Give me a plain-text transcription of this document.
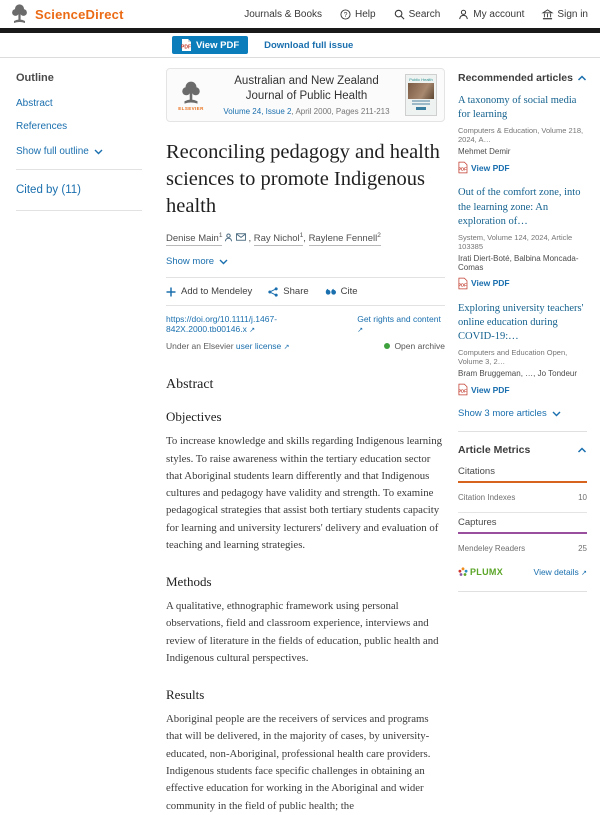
ScienceDirect	Journals & Books	? Help	Search	My account	Sign in
PDF View PDF	Download full issue
Outline
Abstract
References
Show full outline
Cited by (11)
ELSEVIER
Australian and New Zealand Journal of Public Health
Volume 24, Issue 2, April 2000, Pages 211-213
Public Health
Reconciling pedagogy and health sciences to promote Indigenous health
Denise Main$^1$	, Ray Nichol$^1$, Raylene Fennell$^2$
Show more
Add to Mendeley	Share	Cite
https://doi.org/10.1111/j.1467-842X.2000.tb00146.x ↗
Get rights and content ↗
Under an Elsevier user license ↗	Open archive
Abstract
Objectives

To increase knowledge and skills regarding Indigenous learning styles. To raise awareness within the tertiary education sector that Aboriginal students learn differently and that Indigenous cultures and pedagogy have validity and strength. To examine pedagogical strategies that assist both tertiary students capacity for learning and university lecturers' delivery and evaluation of teaching and learning strategies.

Methods

A qualitative, ethnographic framework using personal observations, field and classroom experience, interviews and review of literature in the fields of education, public health and Indigenous cultural perspectives.

Results

Aboriginal people are the receivers of services and programs that will be delivered, in the majority of cases, by university-educated, non-Aboriginal, professional health care providers. Indigenous students face specific challenges in obtaining an effective education for working in the Aboriginal and wider community in the field of public health; the

Recommended articles
A taxonomy of social media for learning
Computers & Education, Volume 218, 2024, A…
Mehmet Demir
PDF View PDF
Out of the comfort zone, into the learning zone: An exploration of…
System, Volume 124, 2024, Article 103385
Irati Diert-Boté, Balbina Moncada-Comas
PDF View PDF
Exploring university teachers' online education during COVID-19:…
Computers and Education Open, Volume 3, 2…
Bram Bruggeman, …, Jo Tondeur
PDF View PDF
Show 3 more articles
Article Metrics
Citations
Citation Indexes	10
Captures
Mendeley Readers	25
PLUMX	View details ↗
